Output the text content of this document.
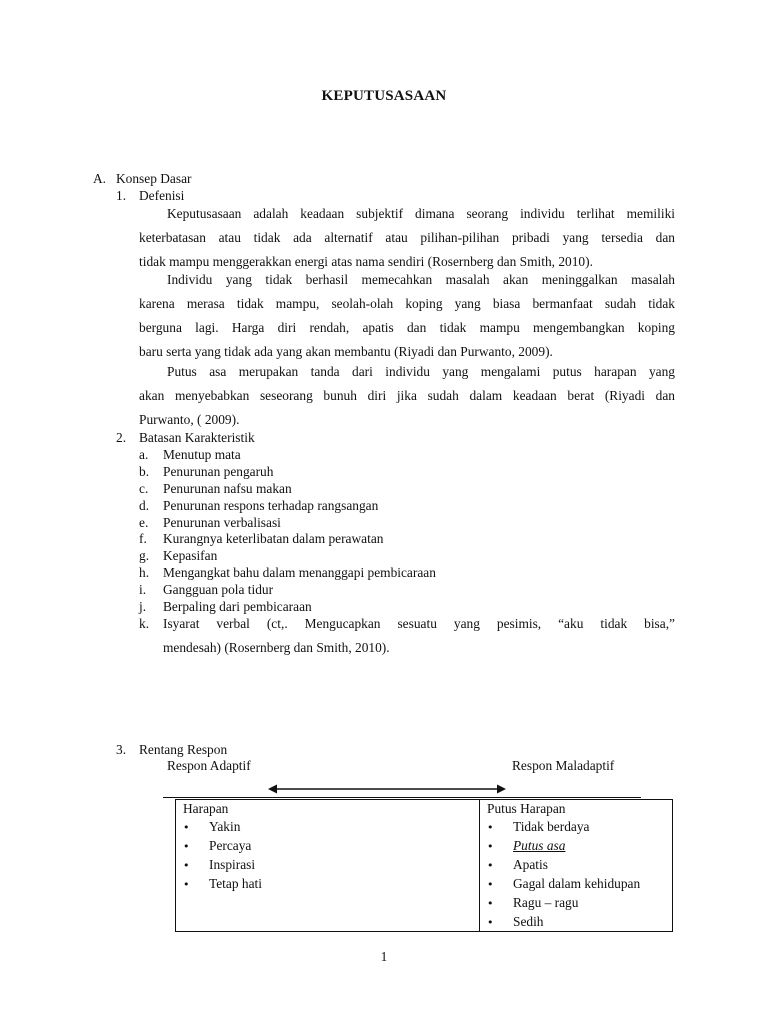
KEPUTUSASAAN
A. Konsep Dasar
1. Defenisi
Keputusasaan adalah keadaan subjektif dimana seorang individu terlihat memiliki
keterbatasan atau tidak ada alternatif atau pilihan-pilihan pribadi yang tersedia dan
tidak mampu menggerakkan energi atas nama sendiri (Rosernberg dan Smith, 2010).
Individu yang tidak berhasil memecahkan masalah akan meninggalkan masalah
karena merasa tidak mampu, seolah-olah koping yang biasa bermanfaat sudah tidak
berguna lagi. Harga diri rendah, apatis dan tidak mampu mengembangkan koping
baru serta yang tidak ada yang akan membantu (Riyadi dan Purwanto, 2009).
Putus asa merupakan tanda dari individu yang mengalami putus harapan yang
akan menyebabkan seseorang bunuh diri jika sudah dalam keadaan berat (Riyadi dan
Purwanto, ( 2009).
2. Batasan Karakteristik
a.	Menutup mata
b.	Penurunan pengaruh
c.	Penurunan nafsu makan
d.	Penurunan respons terhadap rangsangan
e.	Penurunan verbalisasi
f.	Kurangnya keterlibatan dalam perawatan
g.	Kepasifan
h.	Mengangkat bahu dalam menanggapi pembicaraan
i.	Gangguan pola tidur
j.	Berpaling dari pembicaraan
k.	Isyarat verbal (ct,. Mengucapkan sesuatu yang pesimis, “aku tidak bisa,”
mendesah) (Rosernberg dan Smith, 2010).
3. Rentang Respon
Respon Adaptif	Respon Maladaptif
Harapan
•Yakin
•Percaya
•Inspirasi
•Tetap hati

Putus Harapan
•Tidak berdaya
•Putus asa
•Apatis
•Gagal dalam kehidupan
•Ragu – ragu
•Sedih
1
